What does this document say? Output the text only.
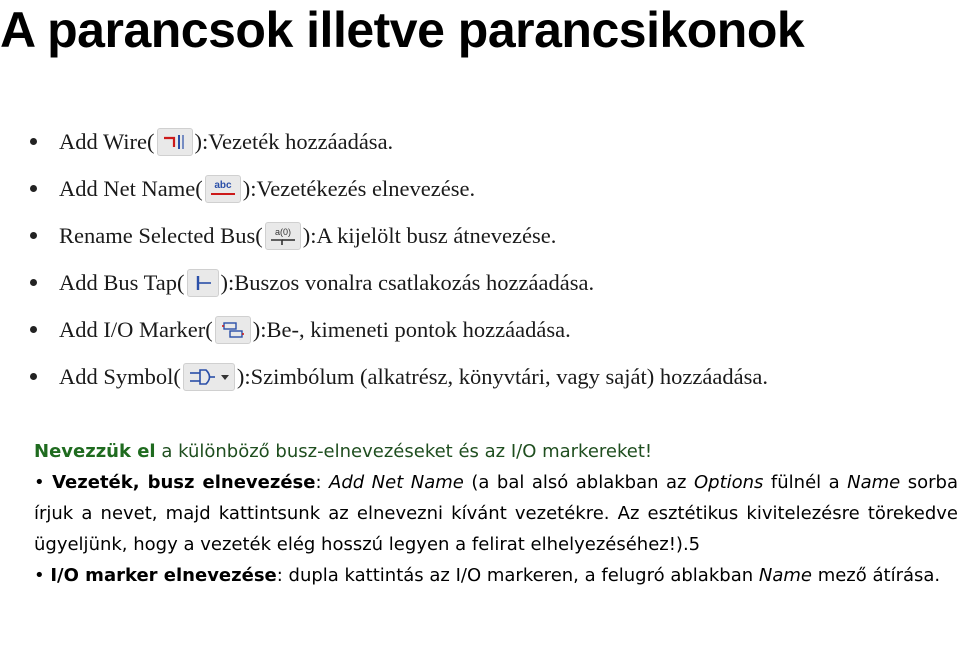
A parancsok illetve parancsikonok
Add Wire ( ): Vezeték hozzáadása.
Add Net Name ( abc ): Vezetékezés elnevezése.
Rename Selected Bus ( a(0) ): A kijelölt busz átnevezése.
Add Bus Tap ( ): Buszos vonalra csatlakozás hozzáadása.
Add I/O Marker ( ): Be-, kimeneti pontok hozzáadása.
Add Symbol ( ): Szimbólum (alkatrész, könyvtári, vagy saját) hozzáadása.
Nevezzük el a különböző busz-elnevezéseket és az I/O markereket!
• Vezeték, busz elnevezése: Add Net Name (a bal alsó ablakban az Options fülnél a Name sorba írjuk a nevet, majd kattintsunk az elnevezni kívánt vezetékre. Az esztétikus kivitelezésre törekedve ügyeljünk, hogy a vezeték elég hosszú legyen a felirat elhelyezéséhez!).5
• I/O marker elnevezése: dupla kattintás az I/O markeren, a felugró ablakban Name mező átírása.
